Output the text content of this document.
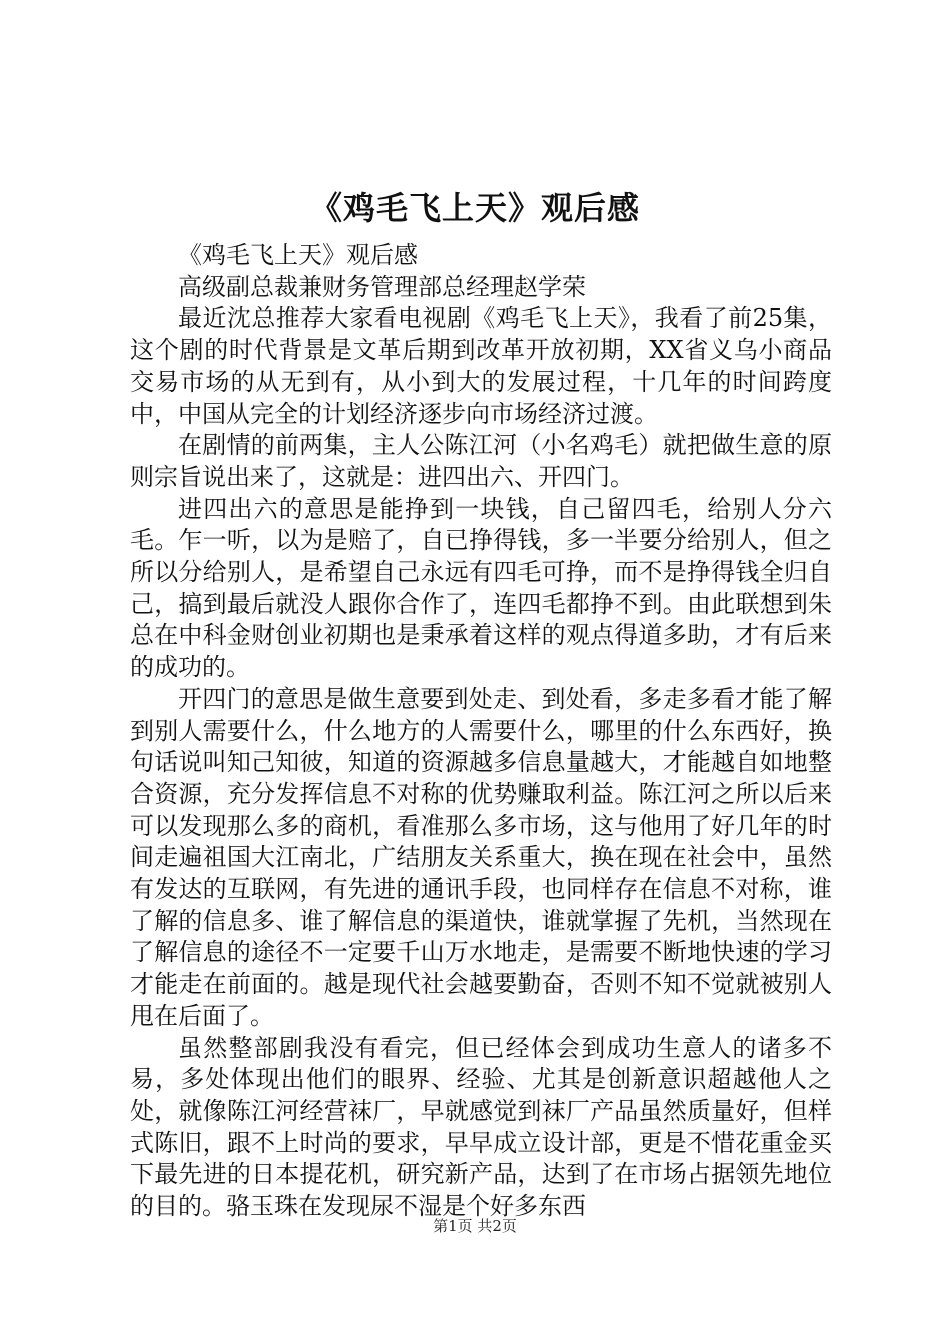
《鸡毛飞上天》观后感

《鸡毛飞上天》观后感

高级副总裁兼财务管理部总经理赵学荣

最近沈总推荐大家看电视剧《鸡毛飞上天》，我看了前25集，这个剧的时代背景是文革后期到改革开放初期，XX省义乌小商品交易市场的从无到有，从小到大的发展过程，十几年的时间跨度中，中国从完全的计划经济逐步向市场经济过渡。

在剧情的前两集，主人公陈江河（小名鸡毛）就把做生意的原则宗旨说出来了，这就是：进四出六、开四门。

进四出六的意思是能挣到一块钱，自己留四毛，给别人分六毛。乍一听，以为是赔了，自已挣得钱，多一半要分给别人，但之所以分给别人，是希望自己永远有四毛可挣，而不是挣得钱全归自己，搞到最后就没人跟你合作了，连四毛都挣不到。由此联想到朱总在中科金财创业初期也是秉承着这样的观点得道多助，才有后来的成功的。

开四门的意思是做生意要到处走、到处看，多走多看才能了解到别人需要什么，什么地方的人需要什么，哪里的什么东西好，换句话说叫知己知彼，知道的资源越多信息量越大，才能越自如地整合资源，充分发挥信息不对称的优势赚取利益。陈江河之所以后来可以发现那么多的商机，看准那么多市场，这与他用了好几年的时间走遍祖国大江南北，广结朋友关系重大，换在现在社会中，虽然有发达的互联网，有先进的通讯手段，也同样存在信息不对称，谁了解的信息多、谁了解信息的渠道快，谁就掌握了先机，当然现在了解信息的途径不一定要千山万水地走，是需要不断地快速的学习才能走在前面的。越是现代社会越要勤奋，否则不知不觉就被别人甩在后面了。

虽然整部剧我没有看完，但已经体会到成功生意人的诸多不易，多处体现出他们的眼界、经验、尤其是创新意识超越他人之处，就像陈江河经营袜厂，早就感觉到袜厂产品虽然质量好，但样式陈旧，跟不上时尚的要求，早早成立设计部，更是不惜花重金买下最先进的日本提花机，研究新产品，达到了在市场占据领先地位的目的。骆玉珠在发现尿不湿是个好多东西

第1页 共2页
